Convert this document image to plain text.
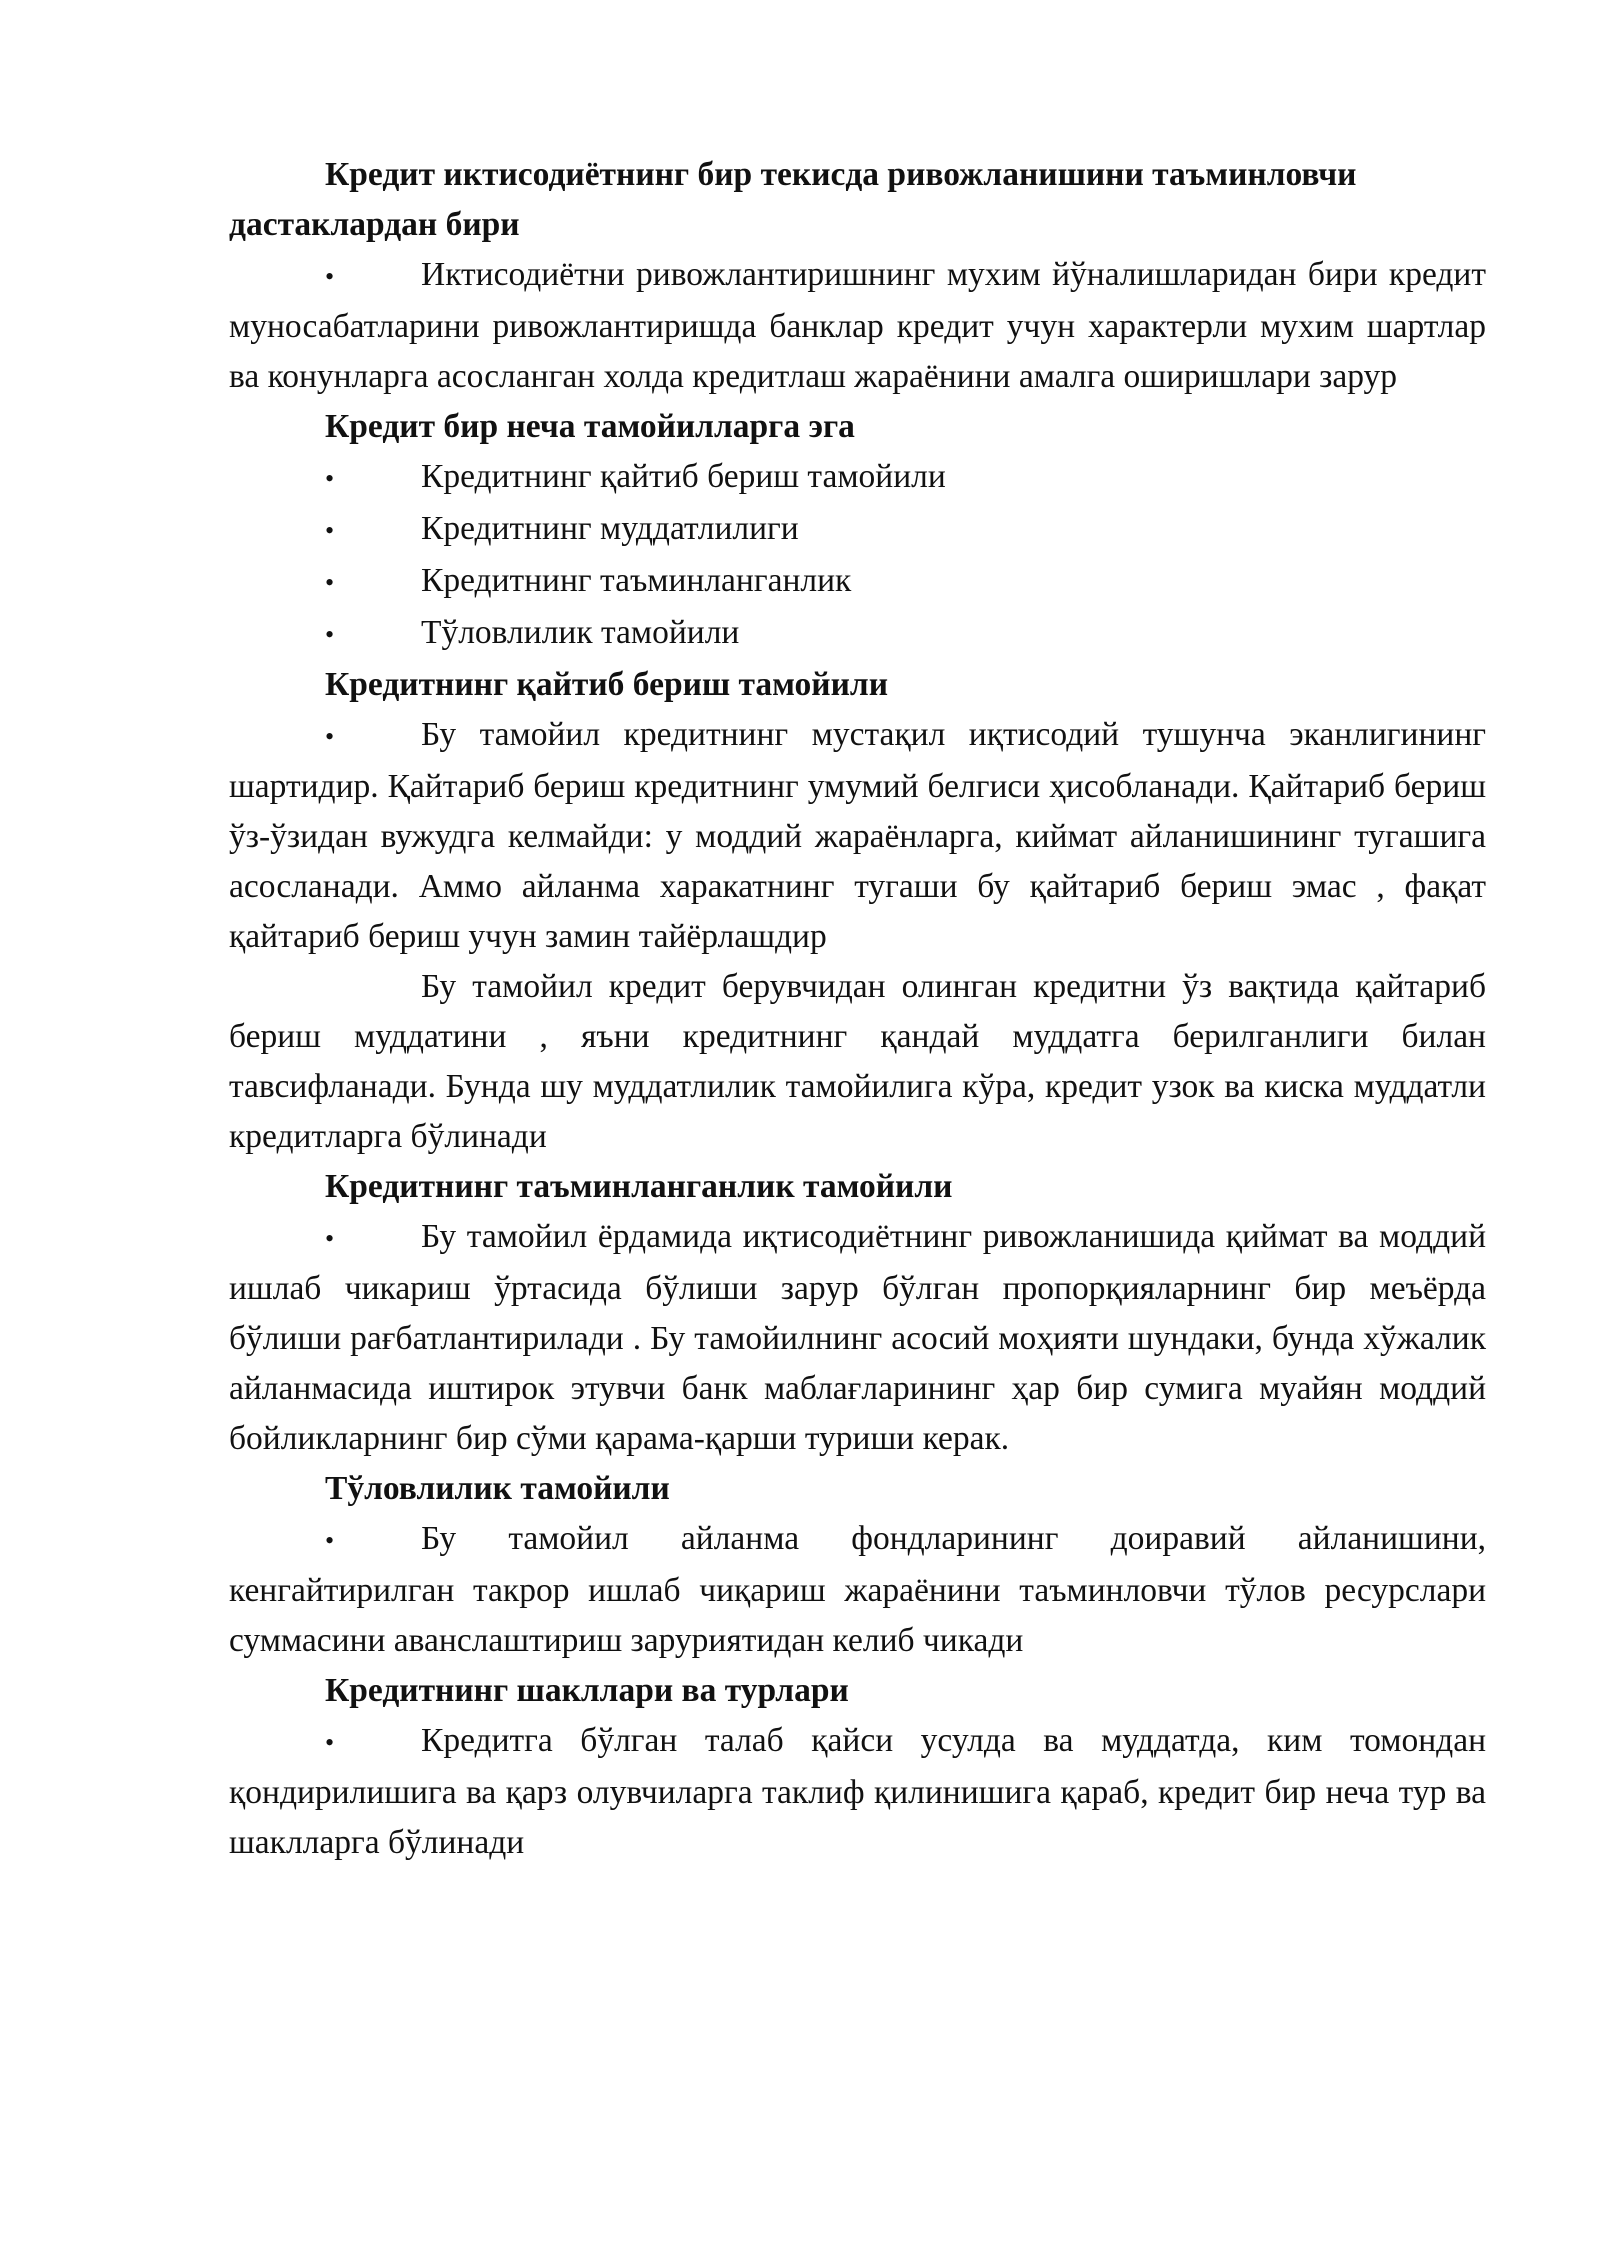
Кредит иктисодиётнинг бир текисда ривожланишини таъминловчи дастаклардан бири

•	Иктисодиётни ривожлантиришнинг мухим йўналишларидан бири кредит муносабатларини ривожлантиришда банклар кредит учун характерли мухим шартлар ва конунларга асосланган холда кредитлаш жараёнини амалга оширишлари зарур

Кредит бир неча тамойилларга эга

•	Кредитнинг қайтиб бериш тамойили

•	Кредитнинг муддатлилиги

•	Кредитнинг таъминланганлик

•	Тўловлилик тамойили

Кредитнинг қайтиб бериш тамойили

•	Бу тамойил кредитнинг мустақил иқтисодий тушунча эканлигининг шартидир. Қайтариб бериш кредитнинг умумий белгиси ҳисобланади. Қайтариб бериш ўз-ўзидан вужудга келмайди: у моддий жараёнларга, киймат айланишининг тугашига асосланади. Аммо айланма харакатнинг тугаши бу қайтариб бериш эмас , фақат қайтариб бериш учун замин тайёрлашдир

Бу тамойил кредит берувчидан олинган кредитни ўз вақтида қайтариб бериш муддатини , яъни кредитнинг қандай муддатга берилганлиги билан тавсифланади. Бунда шу муддатлилик тамойилига кўра, кредит узок ва киска муддатли кредитларга бўлинади

Кредитнинг таъминланганлик тамойили

•	Бу тамойил ёрдамида иқтисодиётнинг ривожланишида қиймат ва моддий ишлаб чикариш ўртасида бўлиши зарур бўлган пропорқияларнинг бир меъёрда бўлиши рағбатлантирилади . Бу тамойилнинг асосий моҳияти шундаки, бунда хўжалик айланмасида иштирок этувчи банк маблағларининг ҳар бир сумига муайян моддий бойликларнинг бир сўми қарама-қарши туриши керак.

Тўловлилик тамойили

•	Бу тамойил айланма фондларининг доиравий айланишини, кенгайтирилган такрор ишлаб чиқариш жараёнини таъминловчи тўлов ресурслари суммасини аванслаштириш заруриятидан келиб чикади

Кредитнинг шакллари ва турлари

•	Кредитга бўлган талаб қайси усулда ва муддатда, ким томондан қондирилишига ва қарз олувчиларга таклиф қилинишига қараб, кредит бир неча тур ва шаклларга бўлинади
